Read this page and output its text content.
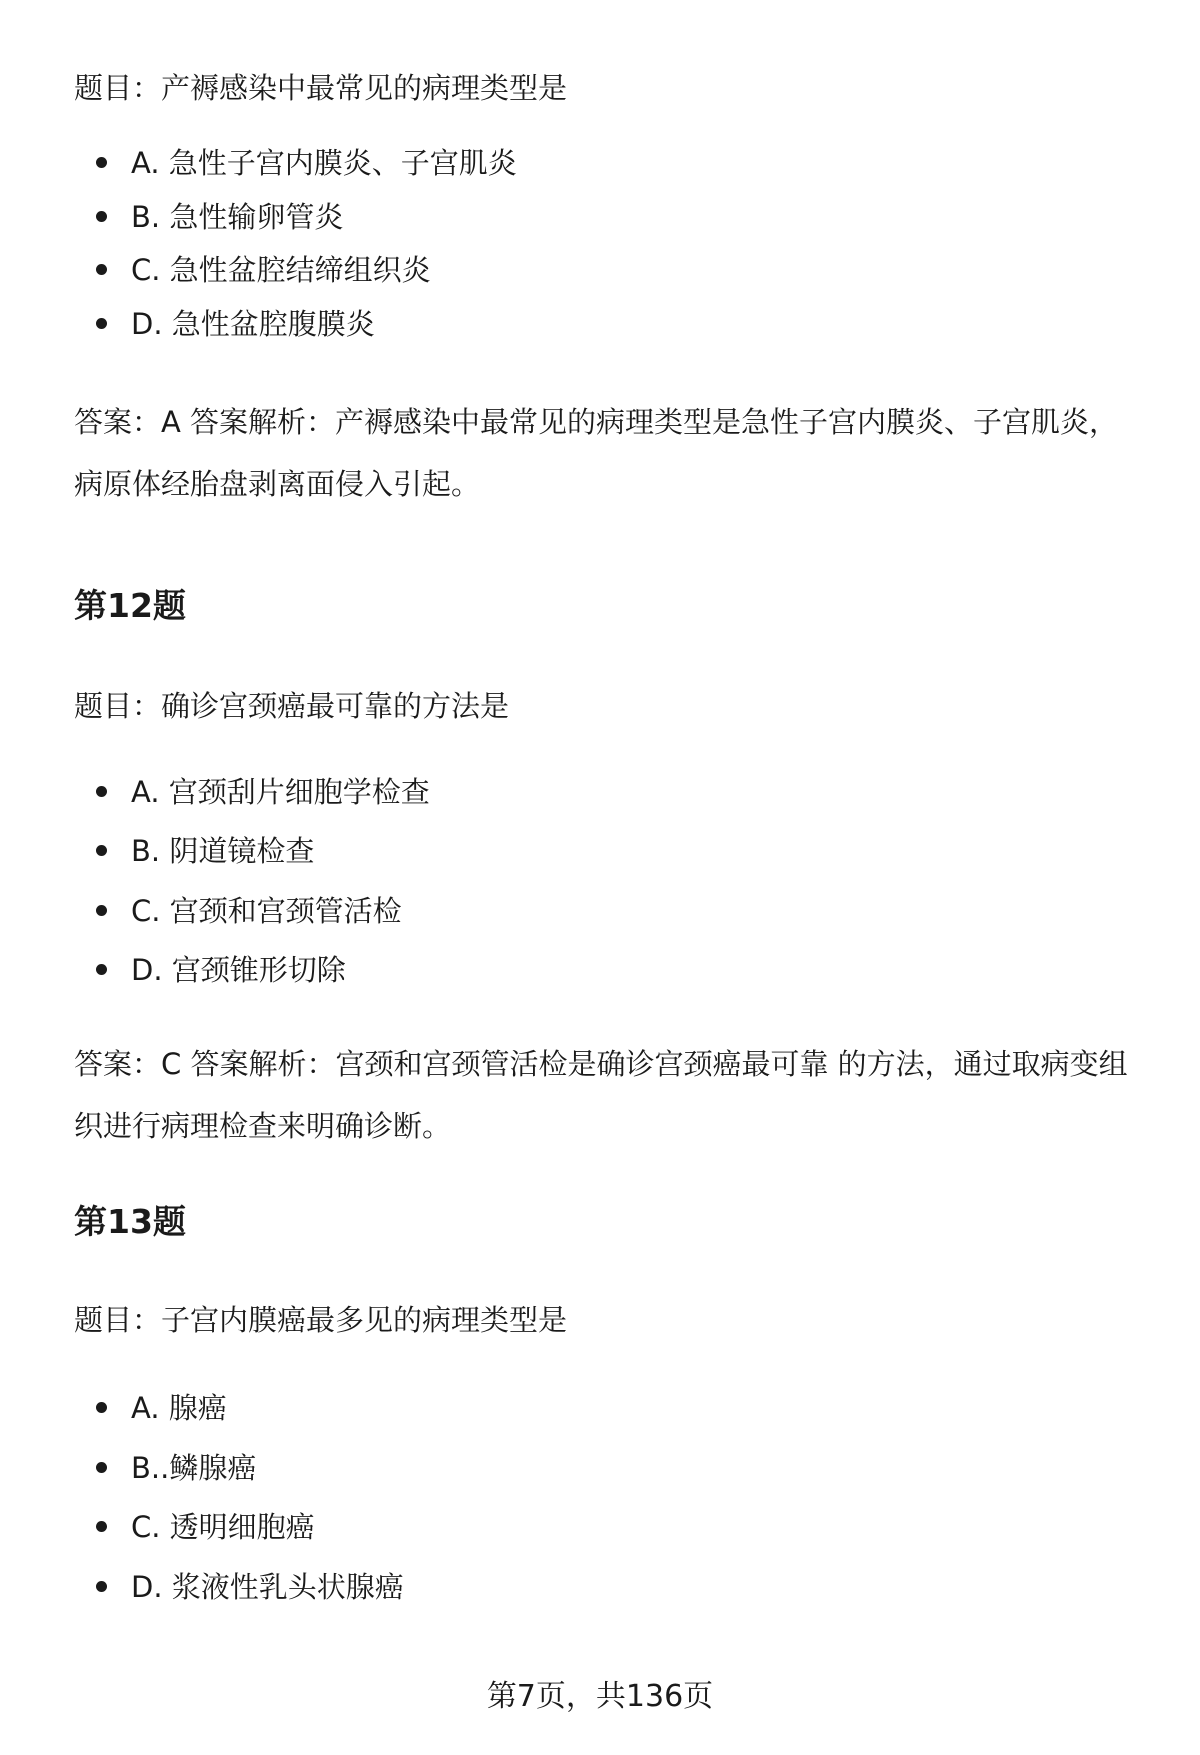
题目：产褥感染中最常见的病理类型是

A. 急性子宫内膜炎、子宫肌炎
B. 急性输卵管炎
C. 急性盆腔结缔组织炎
D. 急性盆腔腹膜炎

答案：A 答案解析：产褥感染中最常见的病理类型是急性子宫内膜炎、子宫肌炎，病原体经胎盘剥离面侵入引起。

第12题

题目：确诊宫颈癌最可靠的方法是

A. 宫颈刮片细胞学检查
B. 阴道镜检查
C. 宫颈和宫颈管活检
D. 宫颈锥形切除

答案：C 答案解析：宫颈和宫颈管活检是确诊宫颈癌最可靠 的方法，通过取病变组织进行病理检查来明确诊断。

第13题

题目：子宫内膜癌最多见的病理类型是

A. 腺癌
B..鳞腺癌
C. 透明细胞癌
D. 浆液性乳头状腺癌

第7页，共136页
